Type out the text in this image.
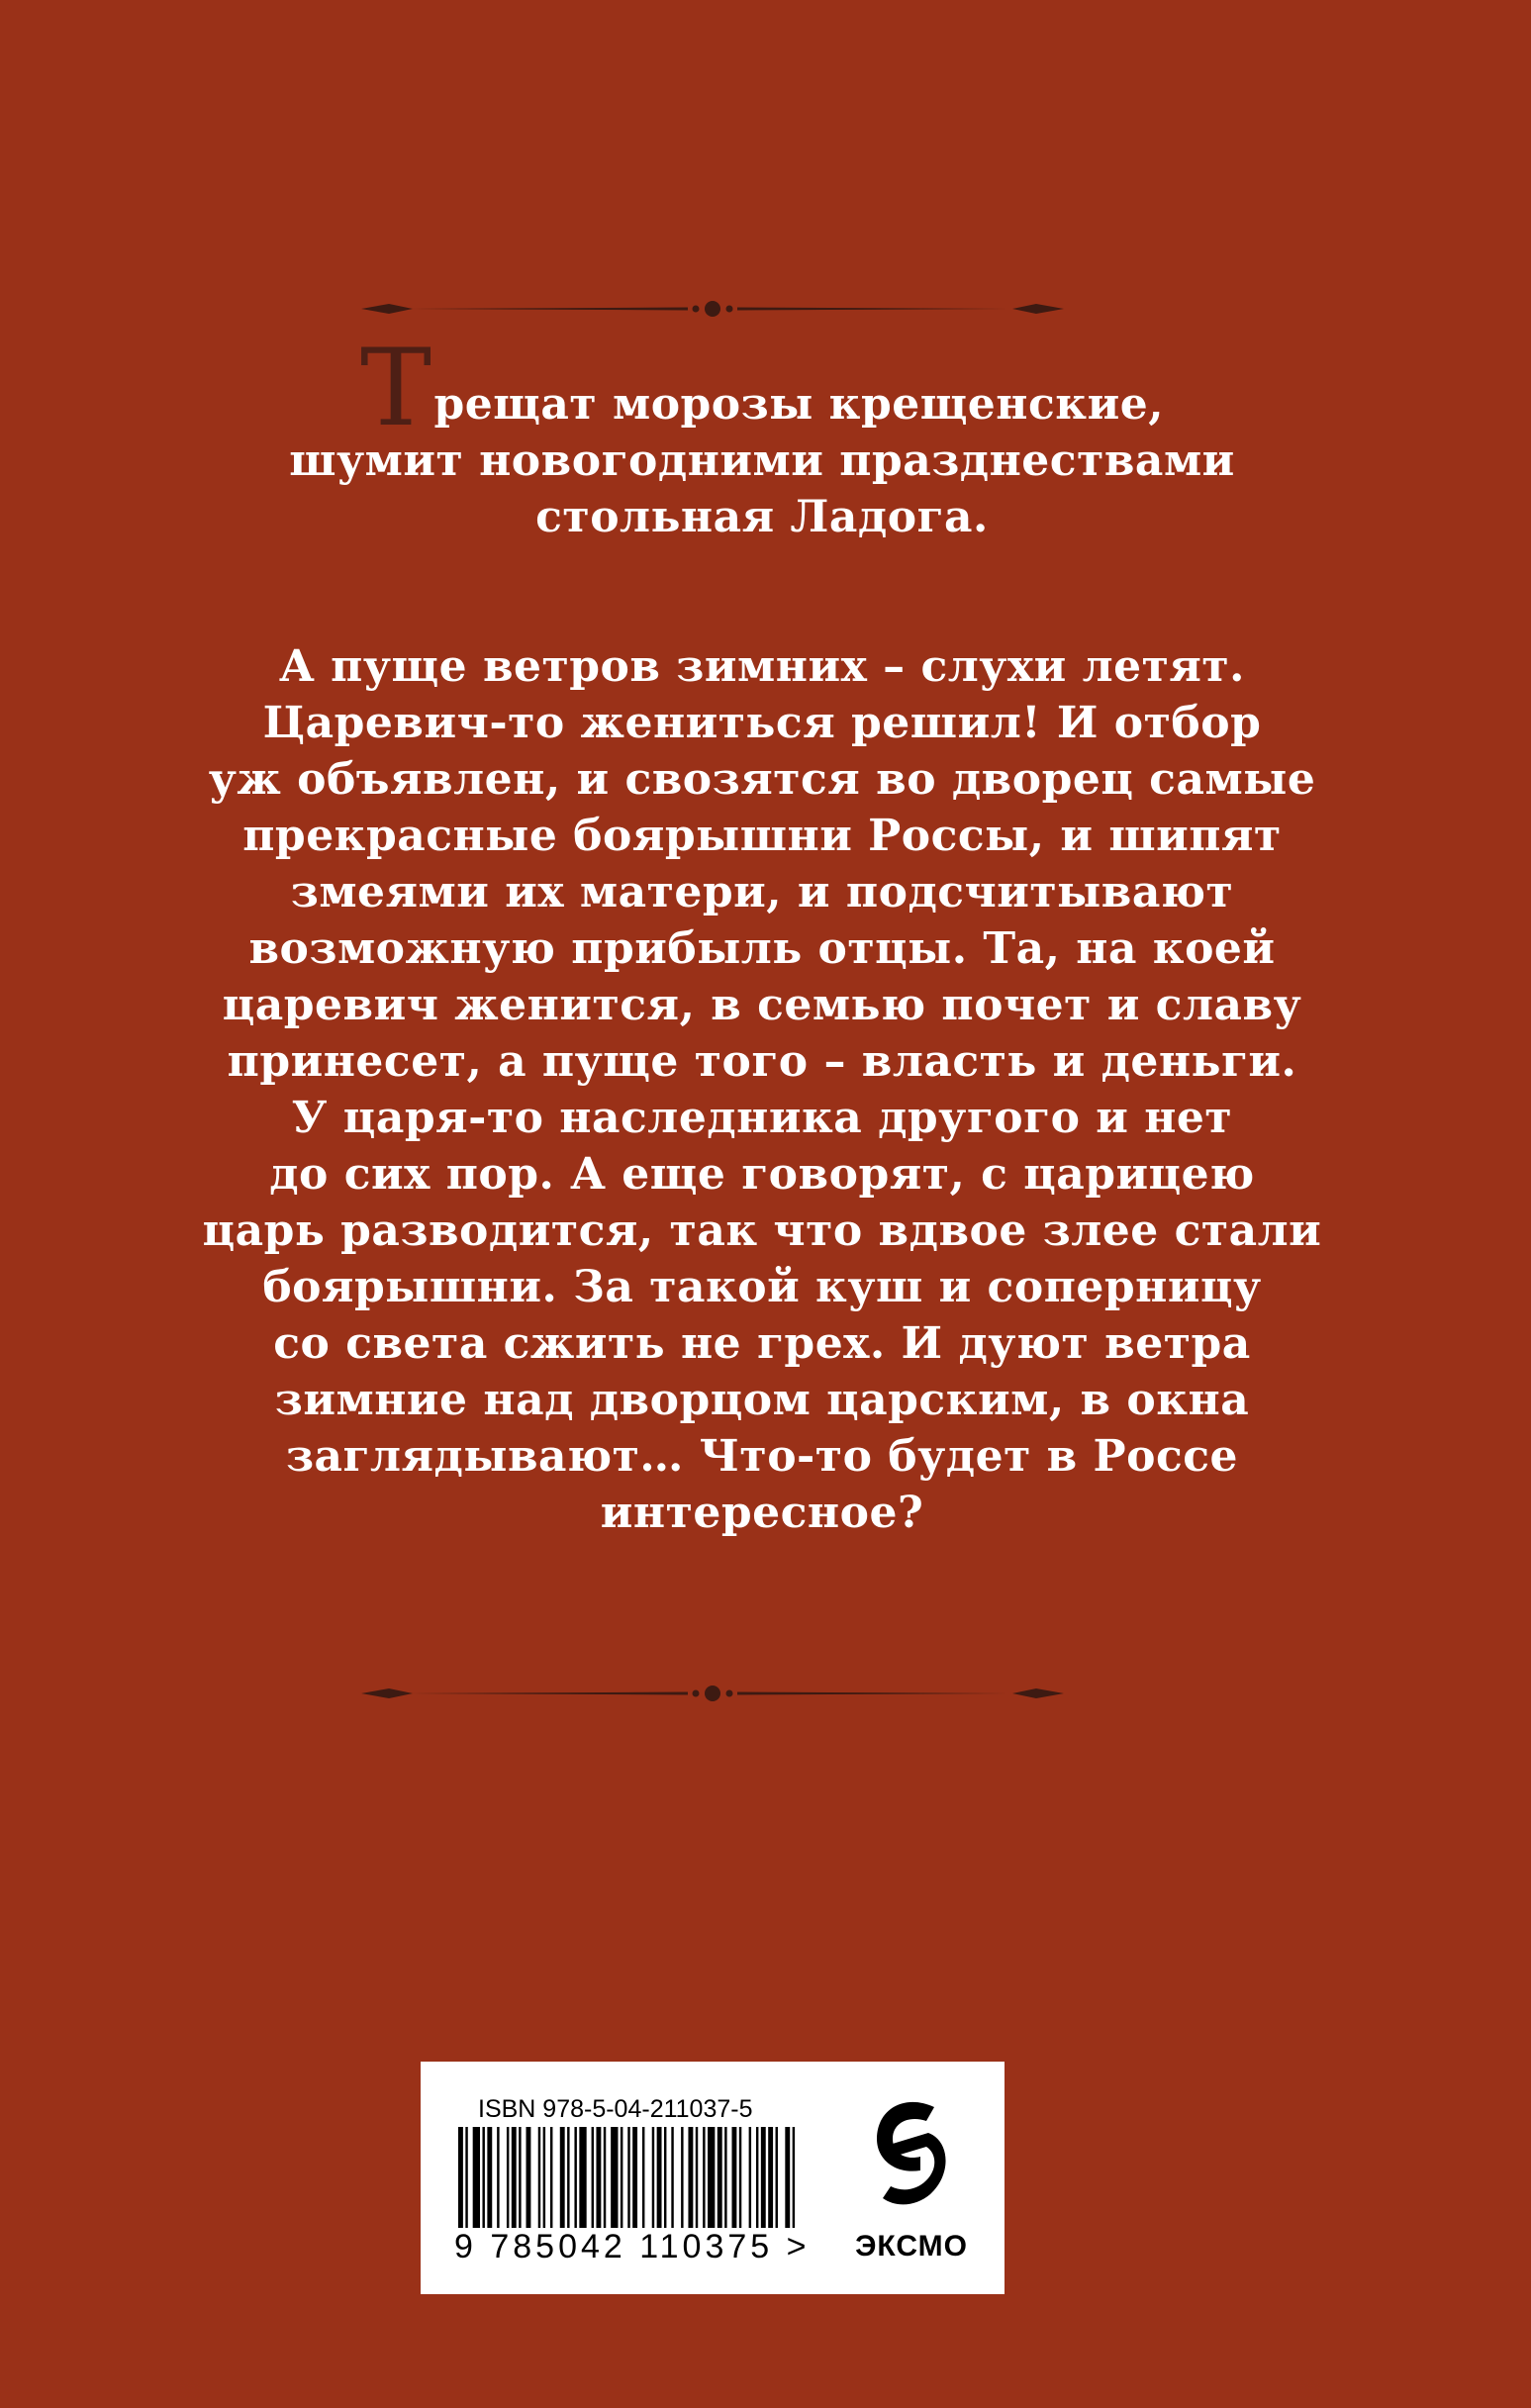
Трещат морозы крещенские,
шумит новогодними празднествами
стольная Ладога.
А пуще ветров зимних – слухи летят.
Царевич-то жениться решил! И отбор
уж объявлен, и свозятся во дворец самые
прекрасные боярышни Россы, и шипят
змеями их матери, и подсчитывают
возможную прибыль отцы. Та, на коей
царевич женится, в семью почет и славу
принесет, а пуще того – власть и деньги.
У царя-то наследника другого и нет
до сих пор. А еще говорят, с царицею
царь разводится, так что вдвое злее стали
боярышни. За такой куш и соперницу
со света сжить не грех. И дуют ветра
зимние над дворцом царским, в окна
заглядывают… Что-то будет в Россе
интересное?
ISBN 978-5-04-211037-5
9 785042 110375 > ЭКСМО
